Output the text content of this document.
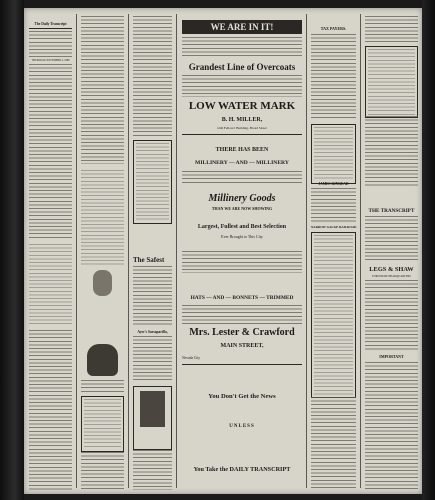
The Daily Transcript
THURSDAY, NOVEMBER 4, 1886
The Safest
Ayer's Sarsaparilla,
WE ARE IN IT!
Grandest Line of Overcoats
LOW WATER MARK
B. H. MILLER,
Odd Fellows' Building, Broad Street
THERE HAS BEEN
MILLINERY — AND — MILLINERY
Millinery Goods
THAN WE ARE NOW SHOWING
Largest, Fullest and Best Selection
Ever Brought to This City
HATS — AND — BONNETS — TRIMMED
Mrs. Lester & Crawford
MAIN STREET,
Nevada City
You Don't Get the News
UNLESS
You Take the DAILY TRANSCRIPT
TAX PAYERS.
JAMES KINKEAD
NARROW GAUGE RAILROAD
LEGS & SHAW
FURNITURE HEADQUARTERS
THE TRANSCRIPT
IMPORTANT
